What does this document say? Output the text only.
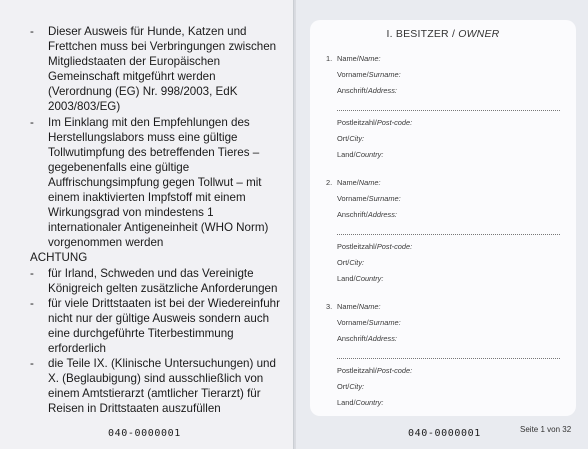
- Dieser Ausweis für Hunde, Katzen und Frettchen muss bei Verbringungen zwischen Mitgliedstaaten der Europäischen Gemeinschaft mitgeführt werden (Verordnung (EG) Nr. 998/2003, EdK 2003/803/EG)
- Im Einklang mit den Empfehlungen des Herstellungslabors muss eine gültige Tollwutimpfung des betreffenden Tieres – gegebenenfalls eine gültige Auffrischungsimpfung gegen Tollwut – mit einem inaktivierten Impfstoff mit einem Wirkungsgrad von mindestens 1 internationaler Antigeneinheit (WHO Norm) vorgenommen werden
ACHTUNG
- für Irland, Schweden und das Vereinigte Königreich gelten zusätzliche Anforderungen
- für viele Drittstaaten ist bei der Wiedereinfuhr nicht nur der gültige Ausweis sondern auch eine durchgeführte Titerbestimmung erforderlich
- die Teile IX. (Klinische Untersuchungen) und X. (Beglaubigung) sind ausschließlich von einem Amtstierarzt (amtlicher Tierarzt) für Reisen in Drittstaaten auszufüllen
040-0000001	040-0000001	Seite 1 von 32
I. BESITZER / OWNER
1. Name/Name:
Vorname/Surname:
Anschrift/Address:
Postleitzahl/Post-code:
Ort/City:
Land/Country:
2. Name/Name:
Vorname/Surname:
Anschrift/Address:
Postleitzahl/Post-code:
Ort/City:
Land/Country:
3. Name/Name:
Vorname/Surname:
Anschrift/Address:
Postleitzahl/Post-code:
Ort/City:
Land/Country:
